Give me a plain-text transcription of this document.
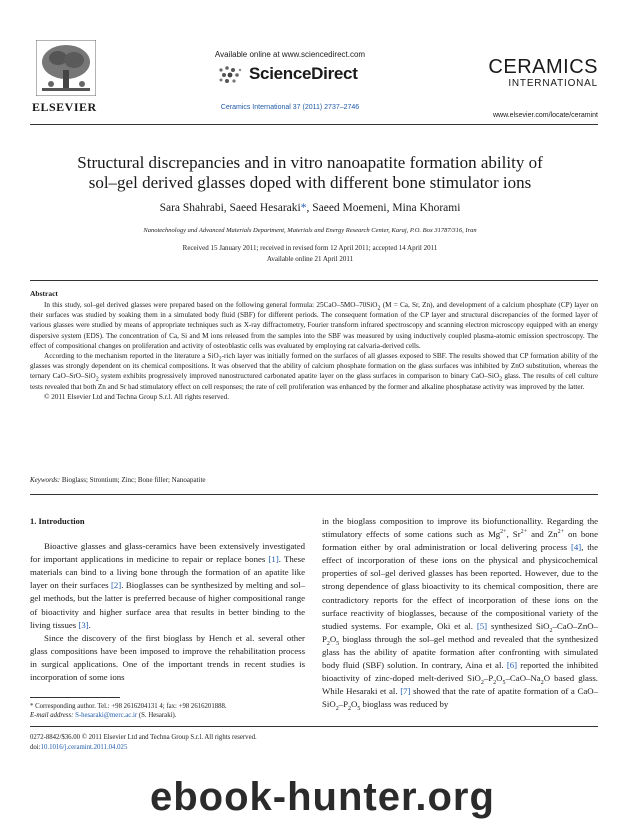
ELSEVIER
Available online at www.sciencedirect.com
ScienceDirect
Ceramics International 37 (2011) 2737–2746
CERAMICS
INTERNATIONAL
www.elsevier.com/locate/ceramint
Structural discrepancies and in vitro nanoapatite formation ability of
sol–gel derived glasses doped with different bone stimulator ions
Sara Shahrabi, Saeed Hesaraki*, Saeed Moemeni, Mina Khorami
Nanotechnology and Advanced Materials Department, Materials and Energy Research Center, Karaj, P.O. Box 31787/316, Iran
Received 15 January 2011; received in revised form 12 April 2011; accepted 14 April 2011
Available online 21 April 2011
Abstract

In this study, sol–gel derived glasses were prepared based on the following general formula: 25CaO–5MO–70SiO$_2$ (M = Ca, Sr, Zn), and development of a calcium phosphate (CP) layer on their surfaces was studied by soaking them in a simulated body fluid (SBF) for different periods. The consequent formation of the CP layer and structural discrepancies of the formed layer of various glasses were studied by means of appropriate techniques such as X-ray diffractometry, Fourier transform infrared spectroscopy and scanning electron microscopy equipped with an energy dispersive system (EDS). The concentration of Ca, Si and M ions released from the samples into the SBF was measured by using inductively coupled plasma-atomic emission spectroscopy. The effect of compositional changes on proliferation and activity of osteoblastic cells was evaluated by employing rat calvaria-derived cells.

According to the mechanism reported in the literature a SiO$_2$-rich layer was initially formed on the surfaces of all glasses exposed to SBF. The results showed that CP formation ability of the glasses was strongly dependent on its chemical compositions. It was observed that the ability of calcium phosphate formation on the glass surfaces was inhibited by ZnO substitution, whereas the ternary CaO–SrO–SiO$_2$ system exhibits progressively improved nanostructured carbonated apatite layer on the glass surfaces in comparison to binary CaO–SiO$_2$ glass. The results of cell culture tests revealed that both Zn and Sr had stimulatory effect on cell responses; the rate of cell proliferation was enhanced by the former and alkaline phosphatase activity was improved by the latter.

© 2011 Elsevier Ltd and Techna Group S.r.l. All rights reserved.

Keywords: Bioglass; Strontium; Zinc; Bone filler; Nanoapatite

1. Introduction

Bioactive glasses and glass-ceramics have been extensively investigated for important applications in medicine to repair or replace bones [1]. These materials can bind to a living bone through the formation of an apatite like layer on their surfaces [2]. Bioglasses can be synthesized by melting and sol–gel methods, but the latter is preferred because of higher compositional range of bioactivity and higher surface area that results in better binding to the living tissues [3].

Since the discovery of the first bioglass by Hench et al. several other glass compositions have been imposed to improve the rehabilitation process in surgical applications. One of the important trends in recent studies is incorporation of some ions

in the bioglass composition to improve its biofunctionallity. Regarding the stimulatory effects of some cations such as $Mg^{2+}$, $Sr^{2+}$ and $Zn^{2+}$ on bone formation either by oral administration or local delivering process [4], the effect of incorporation of these ions on the physical and physicochemical properties of sol–gel derived glasses has been reported. However, due to the strong dependence of glass bioactivity to its chemical composition, there are contradictory reports for the effect of incorporation of these ions on the surface reactivity of bioglasses, because of the compositional variety of the studied systems. For example, Oki et al. [5] synthesized $SiO_2-CaO-ZnO-P_2O_5$ bioglass through the sol–gel method and revealed that the synthesized glass has the ability of apatite formation after confronting with simulated body fluid (SBF) solution. In contrary, Aina et al. [6] reported the inhibited bioactivity of zinc-doped melt-derived $SiO_2-P_2O_5-CaO-Na_2O$ based glass. While Hesaraki et al. [7] showed that the rate of apatite formation of a CaO–$SiO_2-P_2O_5$ bioglass was reduced by

* Corresponding author. Tel.: +98 2616204131 4; fax: +98 2616201888.
E-mail address: S-hesaraki@merc.ac.ir (S. Hesaraki).
0272-8842/$36.00 © 2011 Elsevier Ltd and Techna Group S.r.l. All rights reserved.
doi:10.1016/j.ceramint.2011.04.025
ebook-hunter.org
